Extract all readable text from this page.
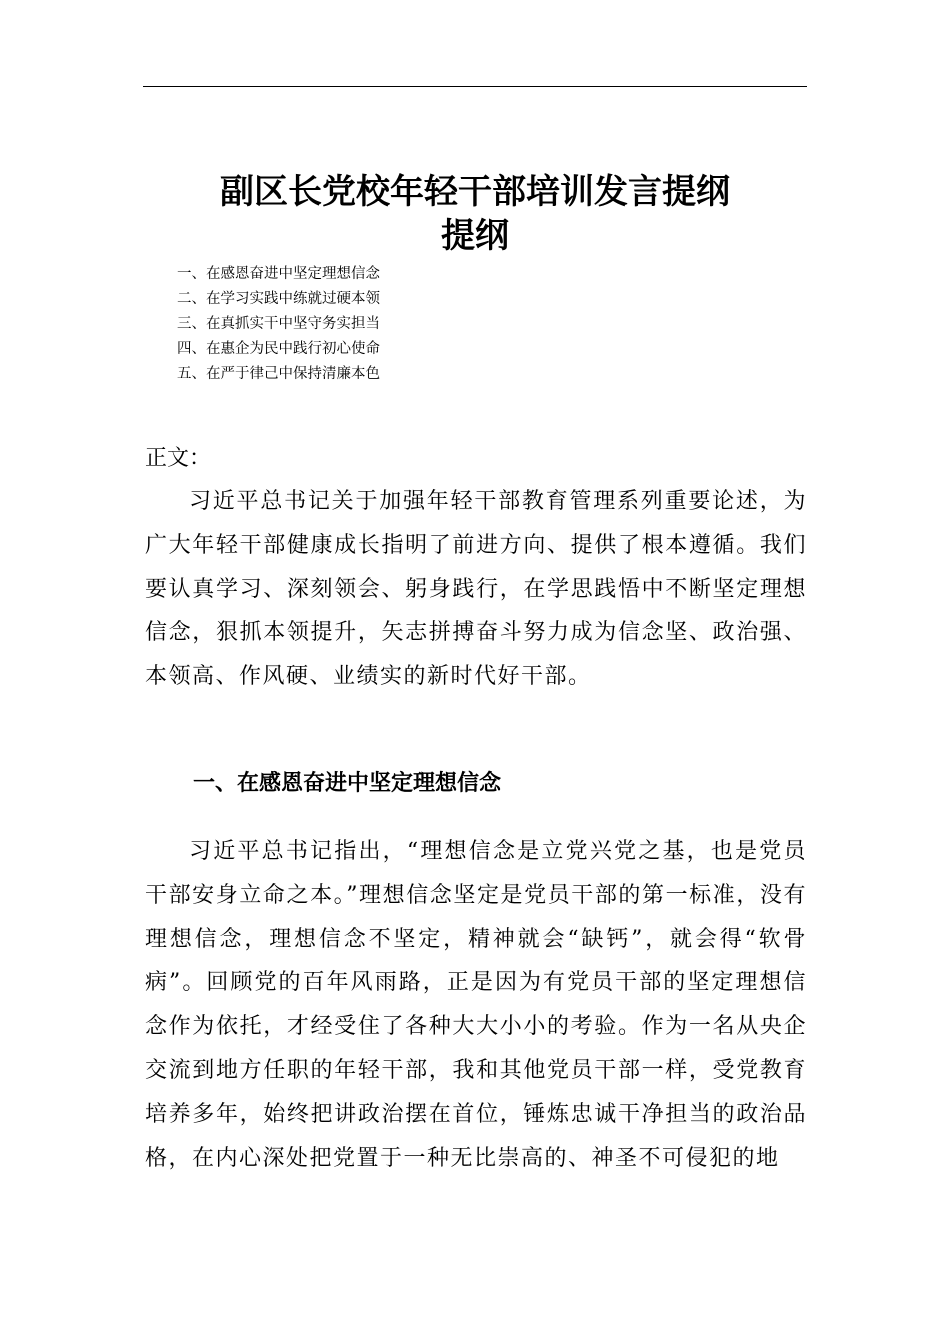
副区长党校年轻干部培训发言提纲
提纲
一、在感恩奋进中坚定理想信念
二、在学习实践中练就过硬本领
三、在真抓实干中坚守务实担当
四、在惠企为民中践行初心使命
五、在严于律己中保持清廉本色

正文：

习近平总书记关于加强年轻干部教育管理系列重要论述，为广大年轻干部健康成长指明了前进方向、提供了根本遵循。我们要认真学习、深刻领会、躬身践行，在学思践悟中不断坚定理想信念，狠抓本领提升，矢志拼搏奋斗努力成为信念坚、政治强、本领高、作风硬、业绩实的新时代好干部。

一、在感恩奋进中坚定理想信念

习近平总书记指出，“理想信念是立党兴党之基，也是党员干部安身立命之本。”理想信念坚定是党员干部的第一标准，没有理想信念，理想信念不坚定，精神就会“缺钙”，就会得“软骨病”。回顾党的百年风雨路，正是因为有党员干部的坚定理想信念作为依托，才经受住了各种大大小小的考验。作为一名从央企交流到地方任职的年轻干部，我和其他党员干部一样，受党教育培养多年，始终把讲政治摆在首位，锤炼忠诚干净担当的政治品格，在内心深处把党置于一种无比崇高的、神圣不可侵犯的地
